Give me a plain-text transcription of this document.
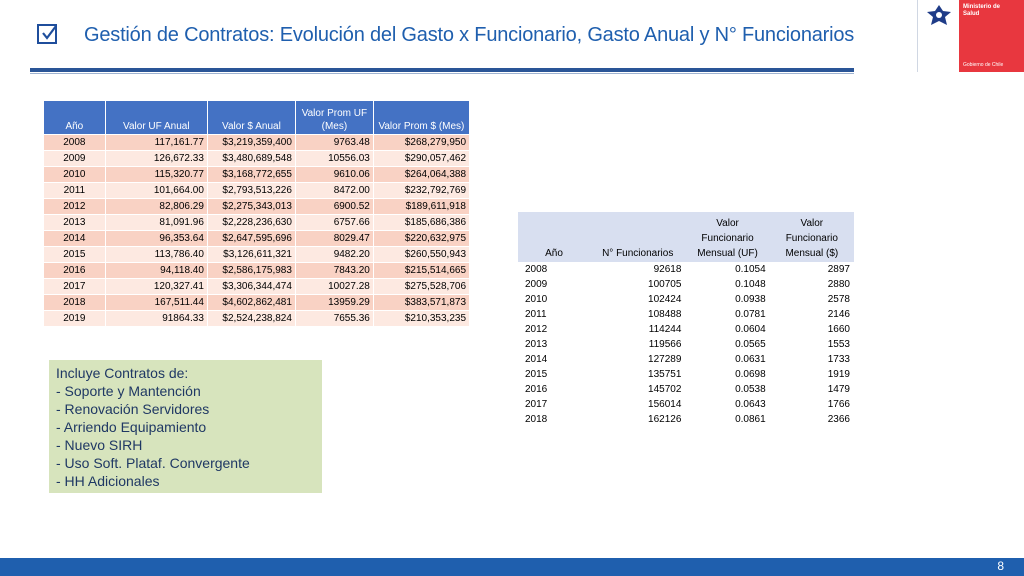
Gestión de Contratos: Evolución del Gasto x Funcionario, Gasto Anual y N° Funcionarios
Ministerio de
Salud
Gobierno de Chile
Año	Valor UF Anual	Valor $ Anual	Valor Prom UF (Mes)	Valor Prom $ (Mes)
2008	117,161.77	$3,219,359,400	9763.48	$268,279,950
2009	126,672.33	$3,480,689,548	10556.03	$290,057,462
2010	115,320.77	$3,168,772,655	9610.06	$264,064,388
2011	101,664.00	$2,793,513,226	8472.00	$232,792,769
2012	82,806.29	$2,275,343,013	6900.52	$189,611,918
2013	81,091.96	$2,228,236,630	6757.66	$185,686,386
2014	96,353.64	$2,647,595,696	8029.47	$220,632,975
2015	113,786.40	$3,126,611,321	9482.20	$260,550,943
2016	94,118.40	$2,586,175,983	7843.20	$215,514,665
2017	120,327.41	$3,306,344,474	10027.28	$275,528,706
2018	167,511.44	$4,602,862,481	13959.29	$383,571,873
2019	91864.33	$2,524,238,824	7655.36	$210,353,235
Año	N° Funcionarios	Valor Funcionario Mensual (UF)	Valor Funcionario Mensual ($)
2008	92618	0.1054	2897
2009	100705	0.1048	2880
2010	102424	0.0938	2578
2011	108488	0.0781	2146
2012	114244	0.0604	1660
2013	119566	0.0565	1553
2014	127289	0.0631	1733
2015	135751	0.0698	1919
2016	145702	0.0538	1479
2017	156014	0.0643	1766
2018	162126	0.0861	2366
Incluye Contratos de:
- Soporte y Mantención
- Renovación Servidores
- Arriendo Equipamiento
- Nuevo SIRH
- Uso Soft. Plataf. Convergente
- HH Adicionales
8
